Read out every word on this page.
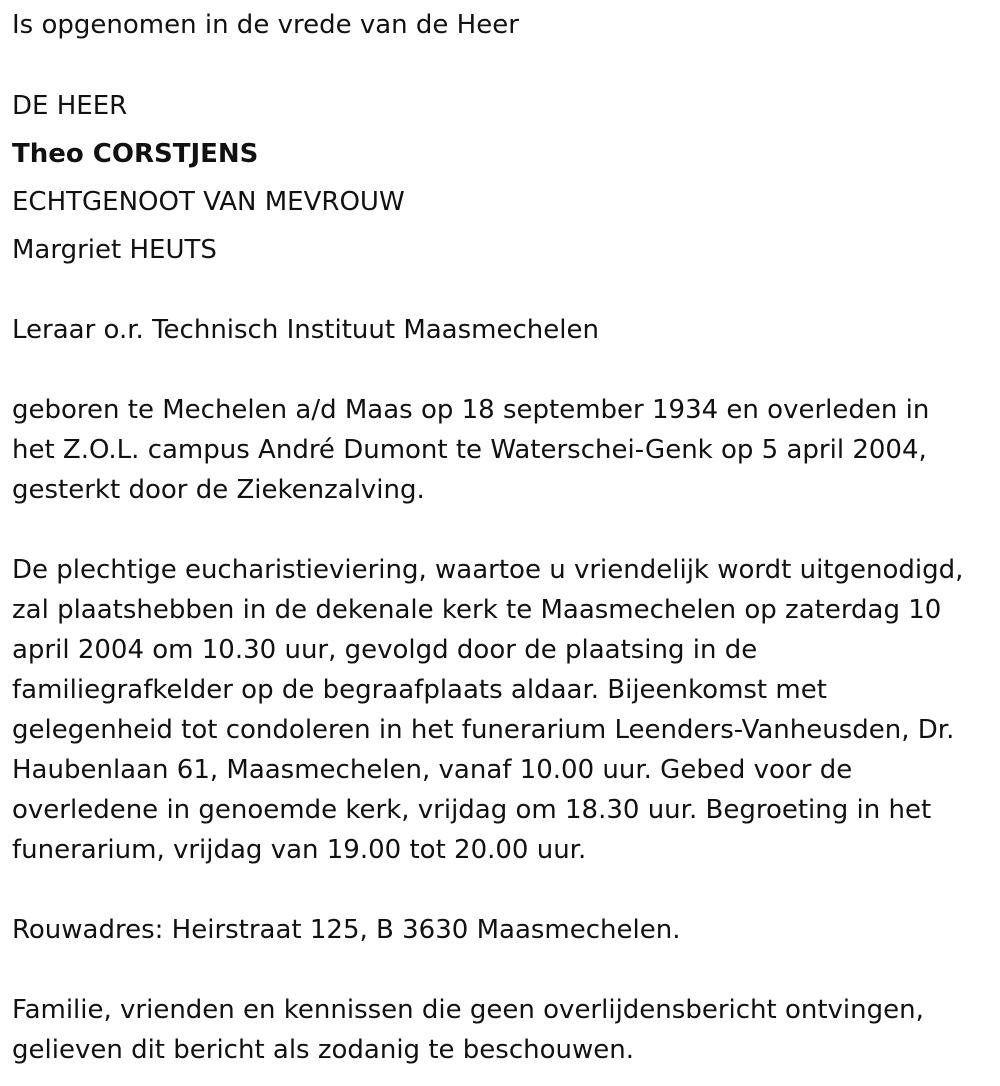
Is opgenomen in de vrede van de Heer
DE HEER
Theo CORSTJENS
ECHTGENOOT VAN MEVROUW
Margriet HEUTS
Leraar o.r. Technisch Instituut Maasmechelen
geboren te Mechelen a/d Maas op 18 september 1934 en overleden in
het Z.O.L. campus André Dumont te Waterschei-Genk op 5 april 2004,
gesterkt door de Ziekenzalving.
De plechtige eucharistieviering, waartoe u vriendelijk wordt uitgenodigd,
zal plaatshebben in de dekenale kerk te Maasmechelen op zaterdag 10
april 2004 om 10.30 uur, gevolgd door de plaatsing in de
familiegrafkelder op de begraafplaats aldaar. Bijeenkomst met
gelegenheid tot condoleren in het funerarium Leenders-Vanheusden, Dr.
Haubenlaan 61, Maasmechelen, vanaf 10.00 uur. Gebed voor de
overledene in genoemde kerk, vrijdag om 18.30 uur. Begroeting in het
funerarium, vrijdag van 19.00 tot 20.00 uur.
Rouwadres: Heirstraat 125, B 3630 Maasmechelen.
Familie, vrienden en kennissen die geen overlijdensbericht ontvingen,
gelieven dit bericht als zodanig te beschouwen.
